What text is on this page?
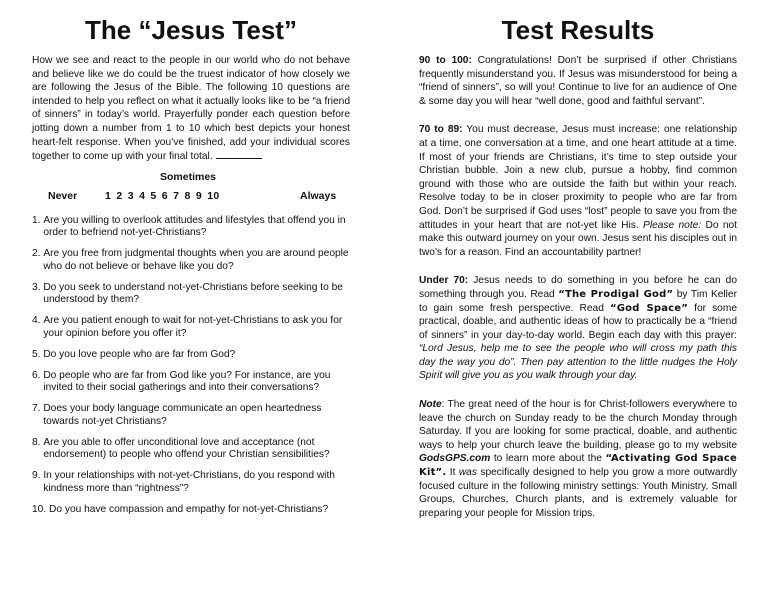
The “Jesus Test”
How we see and react to the people in our world who do not behave and believe like we do could be the truest indicator of how closely we are following the Jesus of the Bible. The following 10 questions are intended to help you reflect on what it actually looks like to be “a friend of sinners” in today’s world. Prayerfully ponder each question before jotting down a number from 1 to 10 which best depicts your honest heart-felt response. When you’ve finished, add your individual scores together to come up with your final total.
Sometimes
Never	1 2 3 4 5 6 7 8 9 10	Always
1. Are you willing to overlook attitudes and lifestyles that offend you in order to befriend not-yet-Christians?
2. Are you free from judgmental thoughts when you are around people who do not believe or behave like you do?
3. Do you seek to understand not-yet-Christians before seeking to be understood by them?
4. Are you patient enough to wait for not-yet-Christians to ask you for your opinion before you offer it?
5. Do you love people who are far from God?
6. Do people who are far from God like you? For instance, are you invited to their social gatherings and into their conversations?
7. Does your body language communicate an open heartedness towards not-yet Christians?
8. Are you able to offer unconditional love and acceptance (not endorsement) to people who offend your Christian sensibilities?
9. In your relationships with not-yet-Christians, do you respond with kindness more than “rightness”?
10. Do you have compassion and empathy for not-yet-Christians?
Test Results
90 to 100: Congratulations! Don’t be surprised if other Christians frequently misunderstand you. If Jesus was misunderstood for being a “friend of sinners”, so will you! Continue to live for an audience of One & some day you will hear “well done, good and faithful servant”.
70 to 89: You must decrease, Jesus must increase: one relationship at a time, one conversation at a time, and one heart attitude at a time. If most of your friends are Christians, it’s time to step outside your Christian bubble. Join a new club, pursue a hobby, find common ground with those who are outside the faith but within your reach. Resolve today to be in closer proximity to people who are far from God. Don’t be surprised if God uses “lost” people to save you from the attitudes in your heart that are not-yet like His. Please note: Do not make this outward journey on your own. Jesus sent his disciples out in two’s for a reason. Find an accountability partner!
Under 70: Jesus needs to do something in you before he can do something through you. Read “The Prodigal God” by Tim Keller to gain some fresh perspective. Read “God Space” for some practical, doable, and authentic ideas of how to practically be a “friend of sinners” in your day-to-day world. Begin each day with this prayer: “Lord Jesus, help me to see the people who will cross my path this day the way you do”. Then pay attention to the little nudges the Holy Spirit will give you as you walk through your day.
Note: The great need of the hour is for Christ-followers everywhere to leave the church on Sunday ready to be the church Monday through Saturday. If you are looking for some practical, doable, and authentic ways to help your church leave the building, please go to my website GodsGPS.com to learn more about the “Activating God Space Kit”. It was specifically designed to help you grow a more outwardly focused culture in the following ministry settings: Youth Ministry, Small Groups, Churches, Church plants, and is extremely valuable for preparing your people for Mission trips.
